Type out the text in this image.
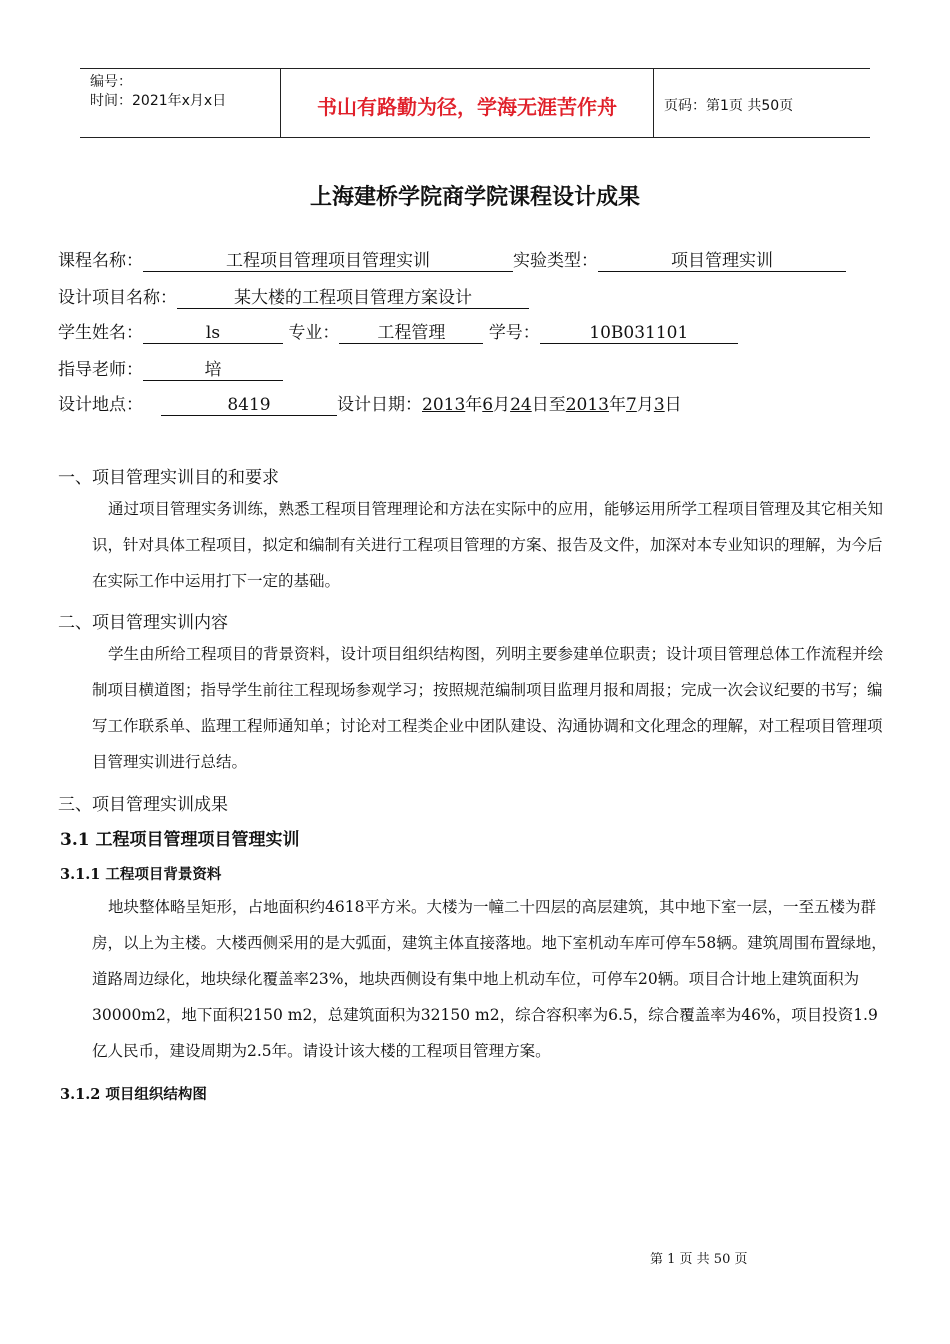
编号：
时间：2021年x月x日	书山有路勤为径，学海无涯苦作舟	页码：第1页 共50页
上海建桥学院商学院课程设计成果
课程名称：	工程项目管理项目管理实训	实验类型：	项目管理实训
设计项目名称：	某大楼的工程项目管理方案设计
学生姓名：	ls	专业： 工程管理	学号：	10B031101
指导老师：	培
设计地点：	8419	设计日期：2013年6月24日至2013年7月3日
一、项目管理实训目的和要求
通过项目管理实务训练，熟悉工程项目管理理论和方法在实际中的应用，能够运用所学工程项目管理及其它相关知识，针对具体工程项目，拟定和编制有关进行工程项目管理的方案、报告及文件，加深对本专业知识的理解，为今后在实际工作中运用打下一定的基础。
二、项目管理实训内容
学生由所给工程项目的背景资料，设计项目组织结构图，列明主要参建单位职责；设计项目管理总体工作流程并绘制项目横道图；指导学生前往工程现场参观学习；按照规范编制项目监理月报和周报；完成一次会议纪要的书写；编写工作联系单、监理工程师通知单；讨论对工程类企业中团队建设、沟通协调和文化理念的理解，对工程项目管理项目管理实训进行总结。
三、项目管理实训成果
3.1 工程项目管理项目管理实训
3.1.1 工程项目背景资料
地块整体略呈矩形，占地面积约4618平方米。大楼为一幢二十四层的高层建筑，其中地下室一层，一至五楼为群房，以上为主楼。大楼西侧采用的是大弧面，建筑主体直接落地。地下室机动车库可停车58辆。建筑周围布置绿地，道路周边绿化，地块绿化覆盖率23%，地块西侧设有集中地上机动车位，可停车20辆。项目合计地上建筑面积为30000m2，地下面积2150 m2，总建筑面积为32150 m2，综合容积率为6.5，综合覆盖率为46%，项目投资1.9亿人民币，建设周期为2.5年。请设计该大楼的工程项目管理方案。
3.1.2 项目组织结构图
第 1 页 共 50 页
